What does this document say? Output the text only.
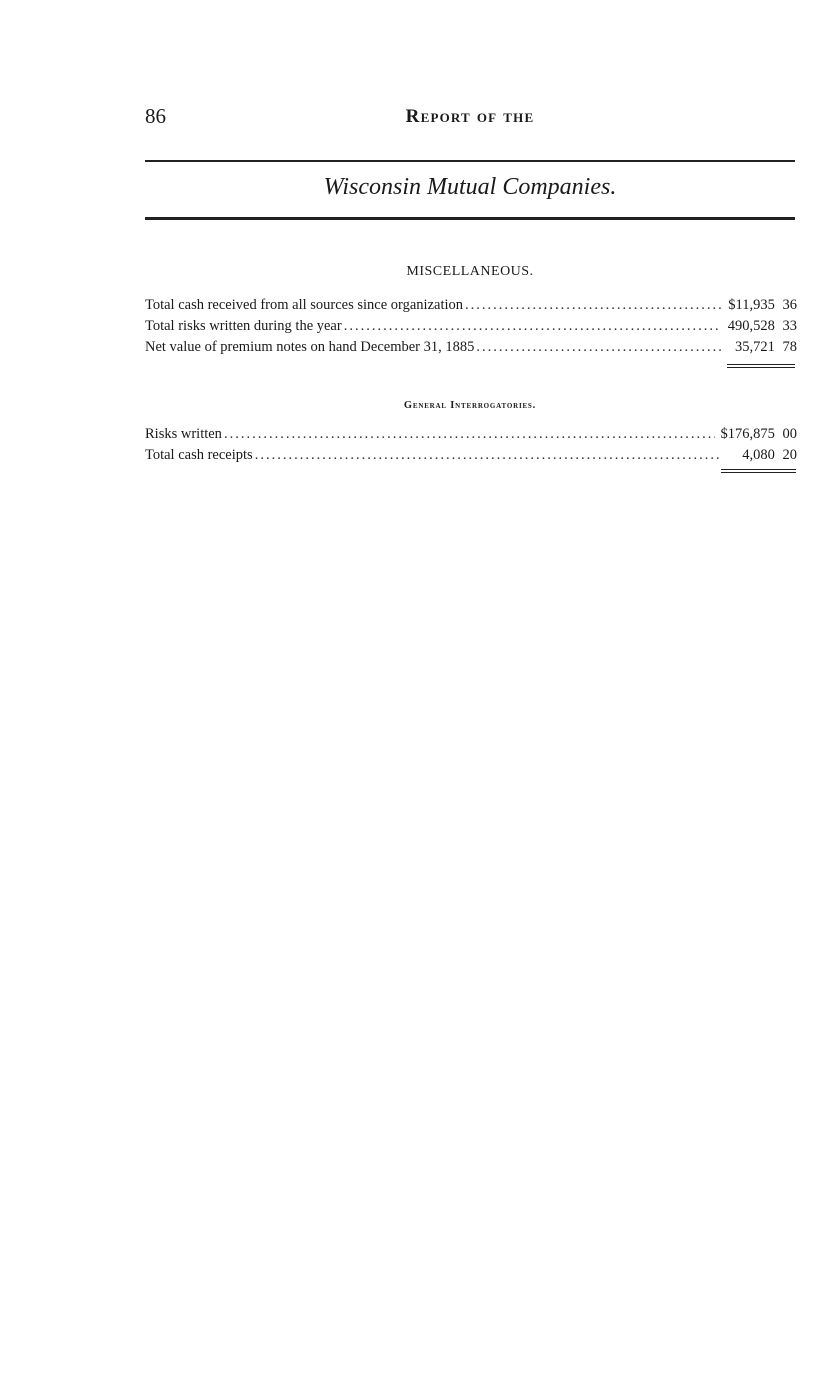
86	Report of the
Wisconsin Mutual Companies.
MISCELLANEOUS.
Total cash received from all sources since organization .....	$11,935 36
Total risks written during the year .....	490,528 33
Net value of premium notes on hand December 31, 1885 .....	35,721 78
General Interrogatories.
Risks written .....	$176,875 00
Total cash receipts .....	4,080 20
